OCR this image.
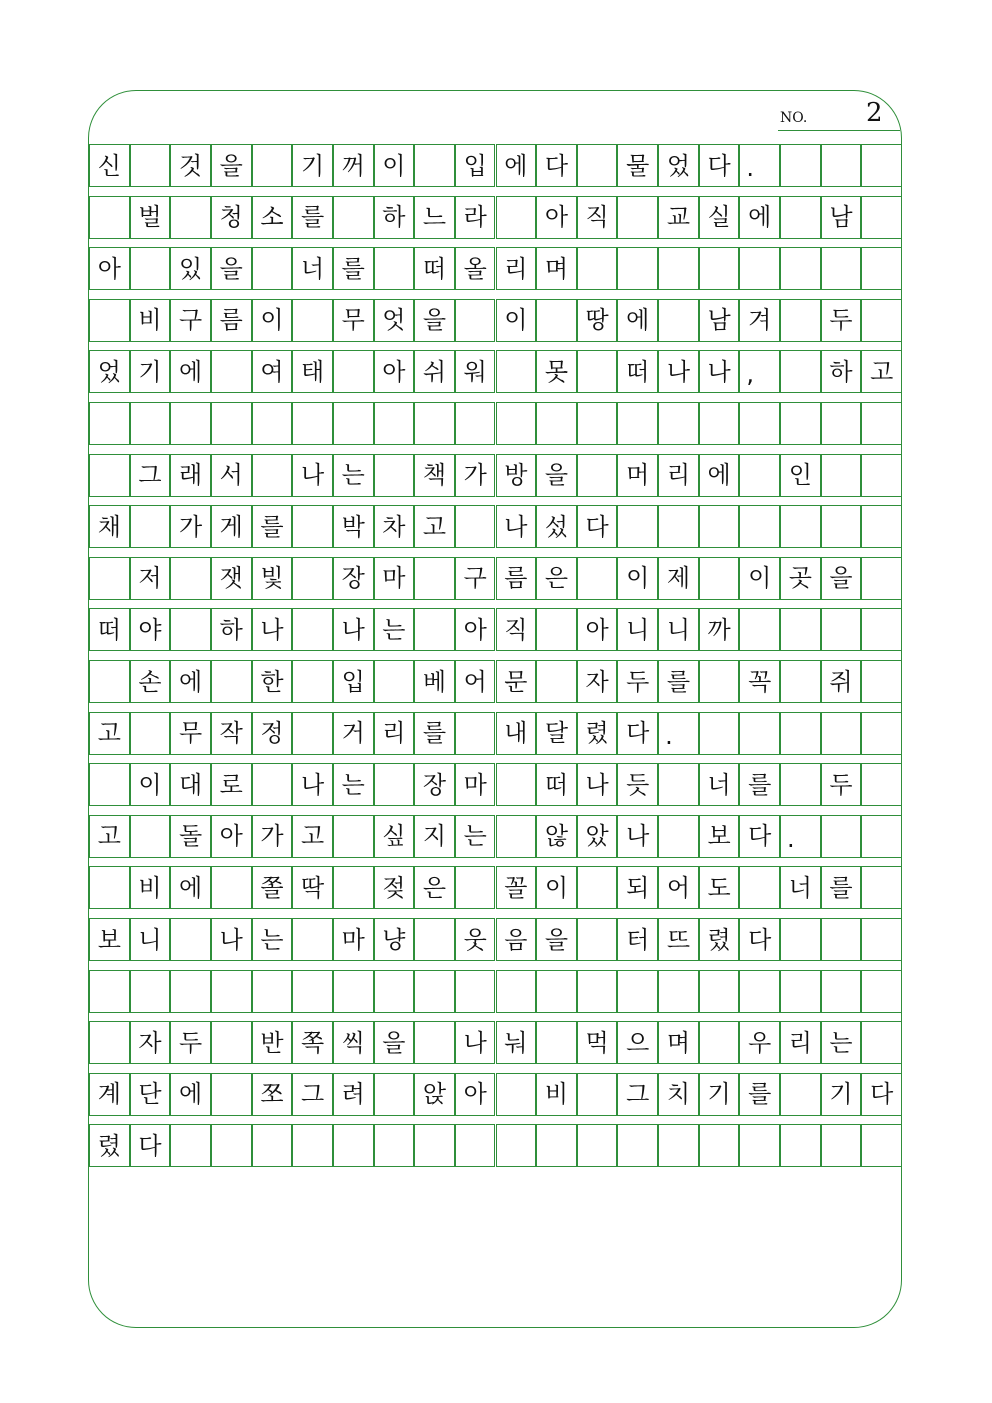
NO. 2
신	것 을	기 꺼 이	입 에 다	물 었 다 .
벌	청 소 를	하 느 라	아 직	교 실 에	남
아	있 을	너 를	떠 올 리 며
비 구 름 이	무 엇 을	이	땅 에	남 겨	두
었 기 에	여 태	아 쉬 워	못	떠 나 나 ,	하 고
그 래 서	나 는	책 가 방 을	머 리 에	인
채	가 게 를	박 차 고	나 섰 다
저	잿 빛	장 마	구 름 은	이 제	이 곳 을
떠 야	하 나	나 는	아 직	아 니 니 까
손 에	한	입	베 어 문	자 두 를	꼭	쥐
고	무 작 정	거 리 를	내 달 렸 다 .
이 대 로	나 는	장 마	떠 나 듯	너 를	두
고	돌 아 가 고	싶 지 는	않 았 나	보 다 .
비 에	쫄 딱	젖 은	꼴 이	되 어 도	너 를
보 니	나 는	마 냥	웃 음 을	터 뜨 렸 다
자 두	반 쪽 씩 을	나 눠	먹 으 며	우 리 는
계 단 에	쪼 그 려	앉 아	비	그 치 기 를	기 다
렸 다
